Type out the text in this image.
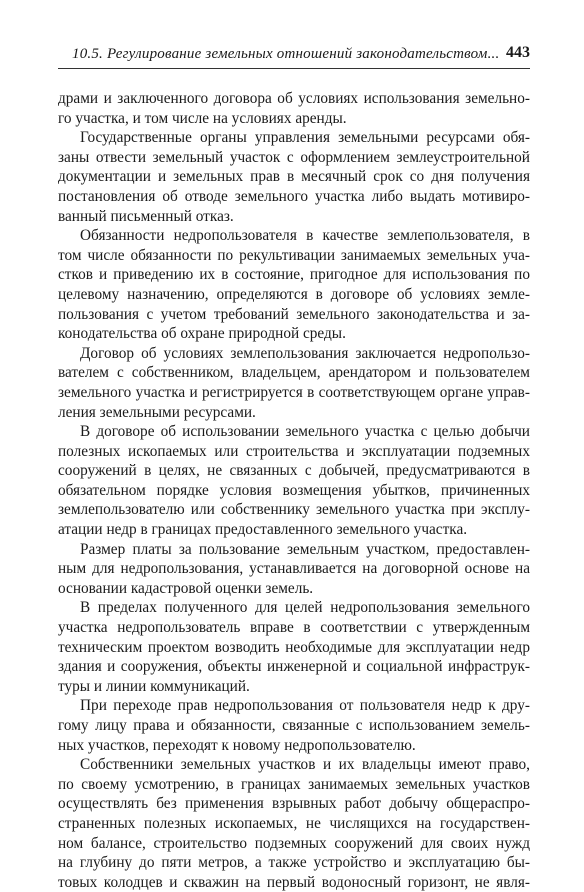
10.5. Регулирование земельных отношений законодательством... 443

драми и заключенного договора об условиях использования земельно-
го участка, и том числе на условиях аренды.

Государственные органы управления земельными ресурсами обя-
заны отвести земельный участок с оформлением землеустроительной
документации и земельных прав в месячный срок со дня получения
постановления об отводе земельного участка либо выдать мотивиро-
ванный письменный отказ.

Обязанности недропользователя в качестве землепользователя, в
том числе обязанности по рекультивации занимаемых земельных уча-
стков и приведению их в состояние, пригодное для использования по
целевому назначению, определяются в договоре об условиях земле-
пользования с учетом требований земельного законодательства и за-
конодательства об охране природной среды.

Договор об условиях землепользования заключается недропользо-
вателем с собственником, владельцем, арендатором и пользователем
земельного участка и регистрируется в соответствующем органе управ-
ления земельными ресурсами.

В договоре об использовании земельного участка с целью добычи
полезных ископаемых или строительства и эксплуатации подземных
сооружений в целях, не связанных с добычей, предусматриваются в
обязательном порядке условия возмещения убытков, причиненных
землепользователю или собственнику земельного участка при эксплу-
атации недр в границах предоставленного земельного участка.

Размер платы за пользование земельным участком, предоставлен-
ным для недропользования, устанавливается на договорной основе на
основании кадастровой оценки земель.

В пределах полученного для целей недропользования земельного
участка недропользователь вправе в соответствии с утвержденным
техническим проектом возводить необходимые для эксплуатации недр
здания и сооружения, объекты инженерной и социальной инфраструк-
туры и линии коммуникаций.

При переходе прав недропользования от пользователя недр к дру-
гому лицу права и обязанности, связанные с использованием земель-
ных участков, переходят к новому недропользователю.

Собственники земельных участков и их владельцы имеют право,
по своему усмотрению, в границах занимаемых земельных участков
осуществлять без применения взрывных работ добычу общераспро-
страненных полезных ископаемых, не числящихся на государствен-
ном балансе, строительство подземных сооружений для своих нужд
на глубину до пяти метров, а также устройство и эксплуатацию бы-
товых колодцев и скважин на первый водоносный горизонт, не явля-
